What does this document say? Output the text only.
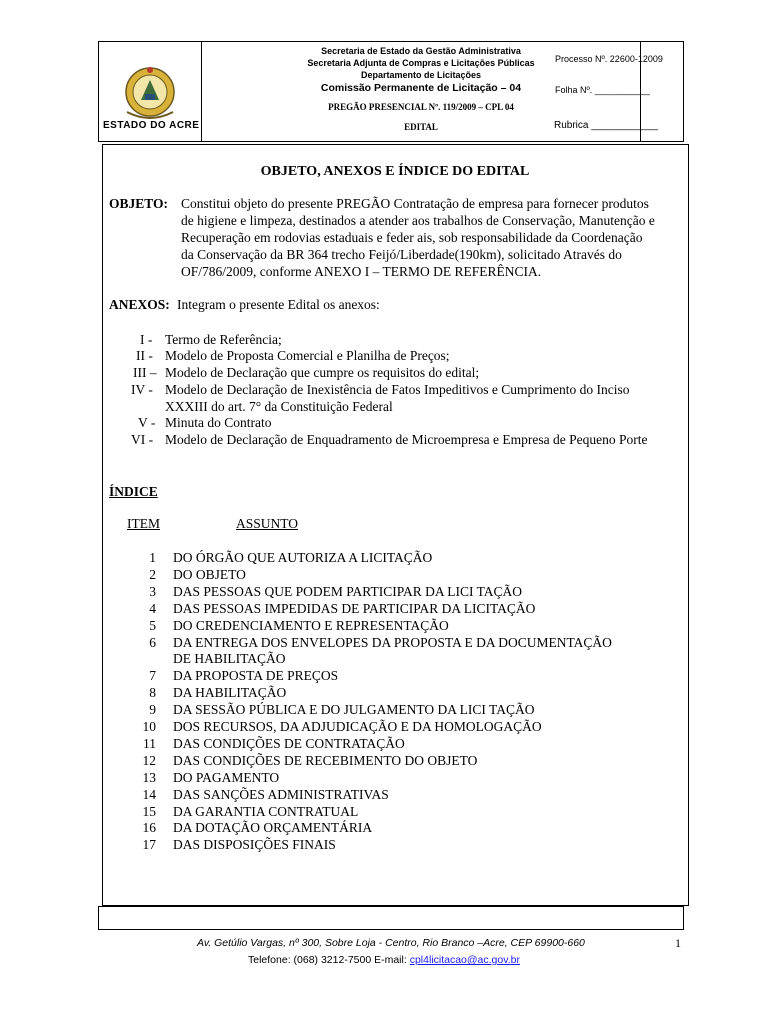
ESTADO DO ACRE
Secretaria de Estado da Gestão Administrativa
Secretaria Adjunta de Compras e Licitações Públicas
Departamento de Licitações
Comissão Permanente de Licitação – 04
PREGÃO PRESENCIAL Nº. 119/2009 – CPL 04
EDITAL
Processo Nº. 22600-12009
Folha Nº. ___________
Rubrica ____________
OBJETO, ANEXOS E ÍNDICE DO EDITAL
OBJETO: Constitui objeto do presente PREGÃO Contratação de empresa para fornecer produtos
de higiene e limpeza, destinados a atender aos trabalhos de Conservação, Manutenção e
Recuperação em rodovias estaduais e feder ais, sob responsabilidade da Coordenação
da Conservação da BR 364 trecho Feijó/Liberdade(190km), solicitado Através do
OF/786/2009, conforme ANEXO I – TERMO DE REFERÊNCIA.
ANEXOS: Integram o presente Edital os anexos:
I - Termo de Referência;
II - Modelo de Proposta Comercial e Planilha de Preços;
III – Modelo de Declaração que cumpre os requisitos do edital;
IV - Modelo de Declaração de Inexistência de Fatos Impeditivos e Cumprimento do Inciso
XXXIII do art. 7° da Constituição Federal
V - Minuta do Contrato
VI - Modelo de Declaração de Enquadramento de Microempresa e Empresa de Pequeno Porte
ÍNDICE
ITEM	ASSUNTO
1 DO ÓRGÃO QUE AUTORIZA A LICITAÇÃO
2 DO OBJETO
3 DAS PESSOAS QUE PODEM PARTICIPAR DA LICI TAÇÃO
4 DAS PESSOAS IMPEDIDAS DE PARTICIPAR DA LICITAÇÃO
5 DO CREDENCIAMENTO E REPRESENTAÇÃO
6 DA ENTREGA DOS ENVELOPES DA PROPOSTA E DA DOCUMENTAÇÃO
DE HABILITAÇÃO
7 DA PROPOSTA DE PREÇOS
8 DA HABILITAÇÃO
9 DA SESSÃO PÚBLICA E DO JULGAMENTO DA LICI TAÇÃO
10 DOS RECURSOS, DA ADJUDICAÇÃO E DA HOMOLOGAÇÃO
11 DAS CONDIÇÕES DE CONTRATAÇÃO
12 DAS CONDIÇÕES DE RECEBIMENTO DO OBJETO
13 DO PAGAMENTO
14 DAS SANÇÕES ADMINISTRATIVAS
15 DA GARANTIA CONTRATUAL
16 DA DOTAÇÃO ORÇAMENTÁRIA
17 DAS DISPOSIÇÕES FINAIS
Av. Getúlio Vargas, nº 300, Sobre Loja - Centro, Rio Branco –Acre, CEP 69900-660
Telefone: (068) 3212-7500 E-mail: cpl4licitacao@ac.gov.br
1
